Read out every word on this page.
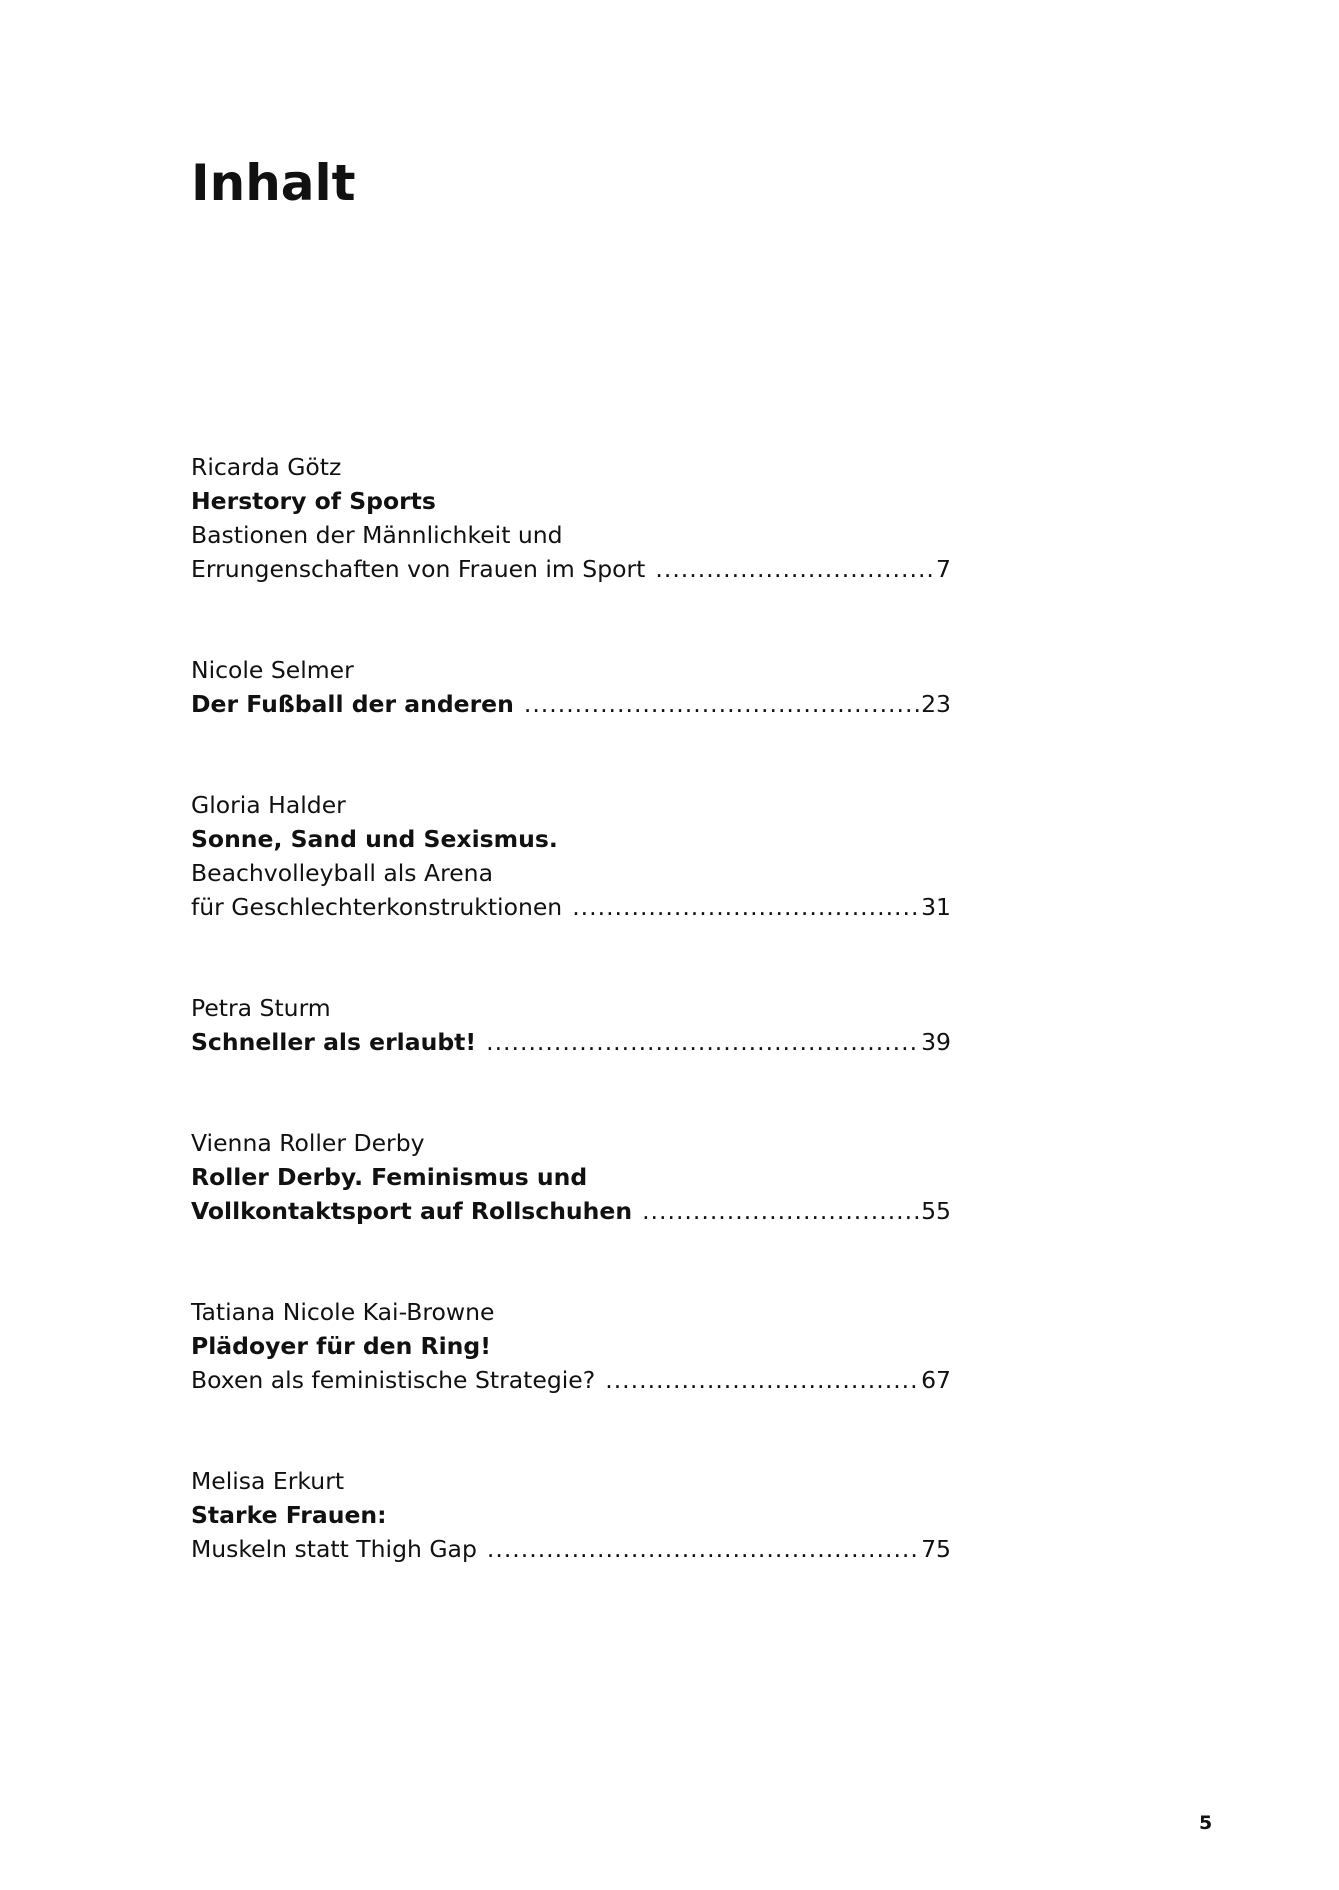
Inhalt
Ricarda Götz
Herstory of Sports
Bastionen der Männlichkeit und
Errungenschaften von Frauen im Sport .....	7
Nicole Selmer
Der Fußball der anderen .....	23
Gloria Halder
Sonne, Sand und Sexismus.
Beachvolleyball als Arena
für Geschlechterkonstruktionen .....	31
Petra Sturm
Schneller als erlaubt! .....	39
Vienna Roller Derby
Roller Derby. Feminismus und
Vollkontaktsport auf Rollschuhen .....	55
Tatiana Nicole Kai-Browne
Plädoyer für den Ring!
Boxen als feministische Strategie? .....	67
Melisa Erkurt
Starke Frauen:
Muskeln statt Thigh Gap .....	75
5
